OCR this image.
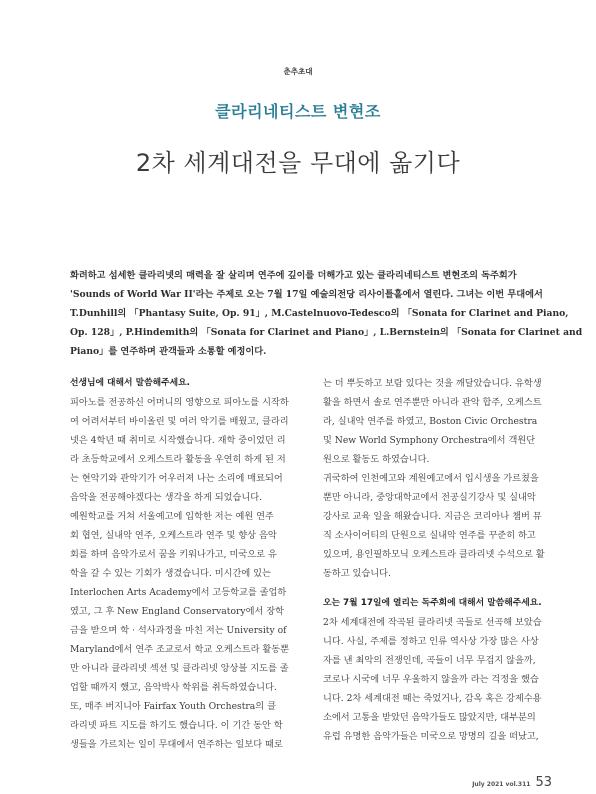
춘추초대
클라리네티스트 변현조
2차 세계대전을 무대에 옮기다
화려하고 섬세한 클라리넷의 매력을 잘 살리며 연주에 깊이를 더해가고 있는 클라리네티스트 변현조의 독주회가
'Sounds of World War II'라는 주제로 오는 7월 17일 예술의전당 리사이틀홀에서 열린다. 그녀는 이번 무대에서
T.Dunhill의 「Phantasy Suite, Op. 91」, M.Castelnuovo-Tedesco의 「Sonata for Clarinet and Piano,
Op. 128」, P.Hindemith의 「Sonata for Clarinet and Piano」, L.Bernstein의 「Sonata for Clarinet and
Piano」를 연주하며 관객들과 소통할 예정이다.
선생님에 대해서 말씀해주세요.
피아노를 전공하신 어머니의 영향으로 피아노를 시작하
여 어려서부터 바이올린 및 여러 악기를 배웠고, 클라리
넷은 4학년 때 취미로 시작했습니다. 재학 중이었던 리
라 초등학교에서 오케스트라 활동을 우연히 하게 된 저
는 현악기와 관악기가 어우러져 나는 소리에 매료되어
음악을 전공해야겠다는 생각을 하게 되었습니다.
예원학교를 거쳐 서울예고에 입학한 저는 예원 연주
회 협연, 실내악 연주, 오케스트라 연주 및 향상 음악
회를 하며 음악가로서 꿈을 키워나가고, 미국으로 유
학을 갈 수 있는 기회가 생겼습니다. 미시간에 있는
Interlochen Arts Academy에서 고등학교를 졸업하
였고, 그 후 New England Conservatory에서 장학
금을 받으며 학 · 석사과정을 마친 저는 University of
Maryland에서 연주 조교로서 학교 오케스트라 활동뿐
만 아니라 클라리넷 섹션 및 클라리넷 앙상블 지도를 졸
업할 때까지 했고, 음악박사 학위를 취득하였습니다.
또, 매주 버지니아 Fairfax Youth Orchestra의 클
라리넷 파트 지도를 하기도 했습니다. 이 기간 동안 학
생들을 가르치는 일이 무대에서 연주하는 일보다 때로
는 더 뿌듯하고 보람 있다는 것을 깨달았습니다. 유학생
활을 하면서 솔로 연주뿐만 아니라 관악 합주, 오케스트
라, 실내악 연주를 하였고, Boston Civic Orchestra
및 New World Symphony Orchestra에서 객원단
원으로 활동도 하였습니다.
귀국하여 인천예고와 계원예고에서 입시생을 가르쳤을
뿐만 아니라, 중앙대학교에서 전공실기강사 및 실내악
강사로 교육 일을 해왔습니다. 지금은 코리아나 챔버 뮤
직 소사이어티의 단원으로 실내악 연주를 꾸준히 하고
있으며, 용인필하모닉 오케스트라 클라리넷 수석으로 활
동하고 있습니다.
오는 7월 17일에 열리는 독주회에 대해서 말씀해주세요.
2차 세계대전에 작곡된 클라리넷 곡들로 선곡해 보았습
니다. 사실, 주제를 정하고 인류 역사상 가장 많은 사상
자를 낸 최악의 전쟁인데, 곡들이 너무 무겁지 않을까,
코로나 시국에 너무 우울하지 않을까 라는 걱정을 했습
니다. 2차 세계대전 때는 죽었거나, 감옥 혹은 강제수용
소에서 고통을 받았던 음악가들도 많았지만, 대부분의
유럽 유명한 음악가들은 미국으로 망명의 길을 떠났고,
July 2021 vol.311 53
